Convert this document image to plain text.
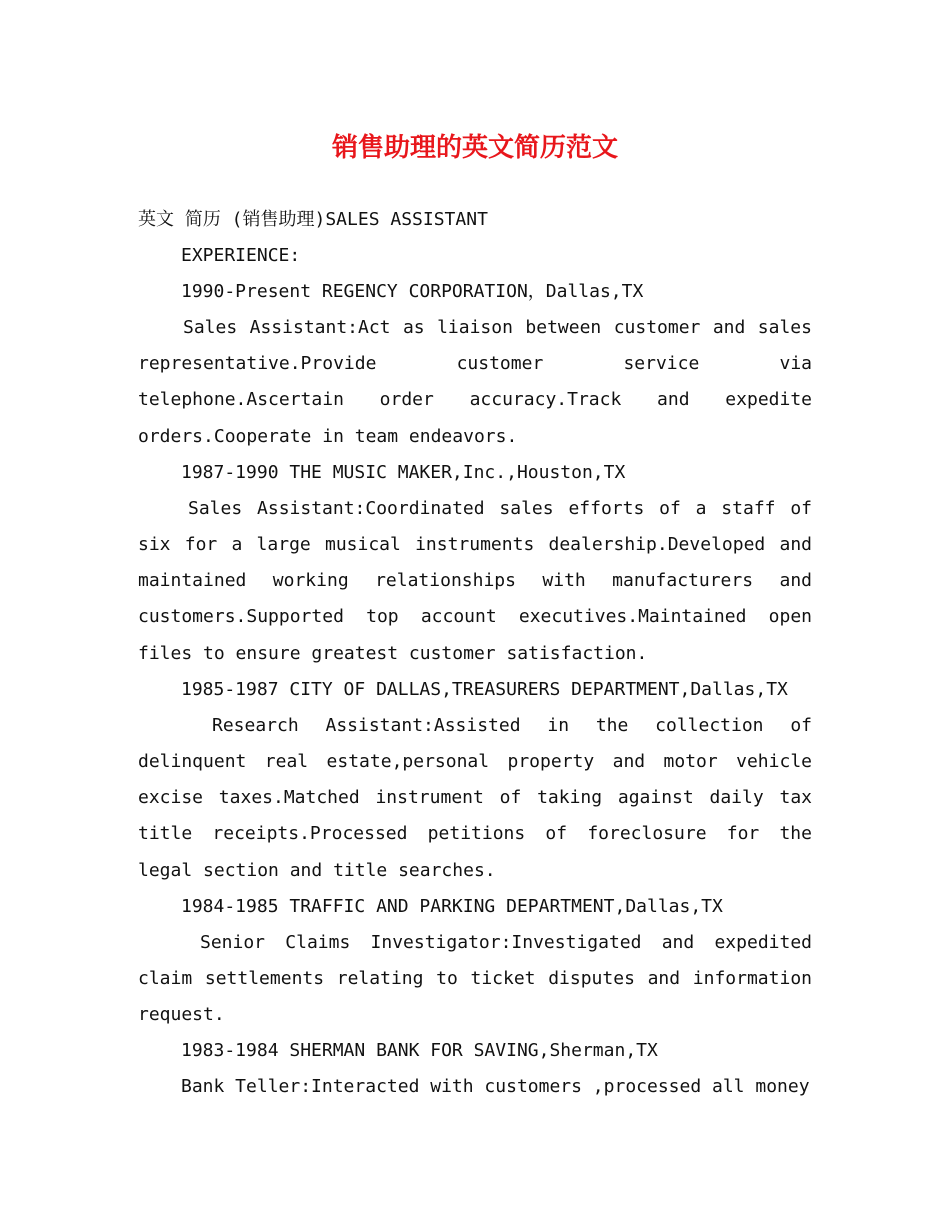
销售助理的英文简历范文

英文 简历 (销售助理)SALES ASSISTANT

EXPERIENCE:

1990-Present REGENCY CORPORATION，Dallas,TX

Sales Assistant:Act as liaison between customer and sales representative.Provide customer service via telephone.Ascertain order accuracy.Track and expedite orders.Cooperate in team endeavors.

1987-1990 THE MUSIC MAKER,Inc.,Houston,TX

Sales Assistant:Coordinated sales efforts of a staff of six for a large musical instruments dealership.Developed and maintained working relationships with manufacturers and customers.Supported top account executives.Maintained open files to ensure greatest customer satisfaction.

1985-1987 CITY OF DALLAS,TREASURERS DEPARTMENT,Dallas,TX

Research Assistant:Assisted in the collection of delinquent real estate,personal property and motor vehicle excise taxes.Matched instrument of taking against daily tax title receipts.Processed petitions of foreclosure for the legal section and title searches.

1984-1985 TRAFFIC AND PARKING DEPARTMENT,Dallas,TX

Senior Claims Investigator:Investigated and expedited claim settlements relating to ticket disputes and information request.

1983-1984 SHERMAN BANK FOR SAVING,Sherman,TX

Bank Teller:Interacted with customers ,processed all money
